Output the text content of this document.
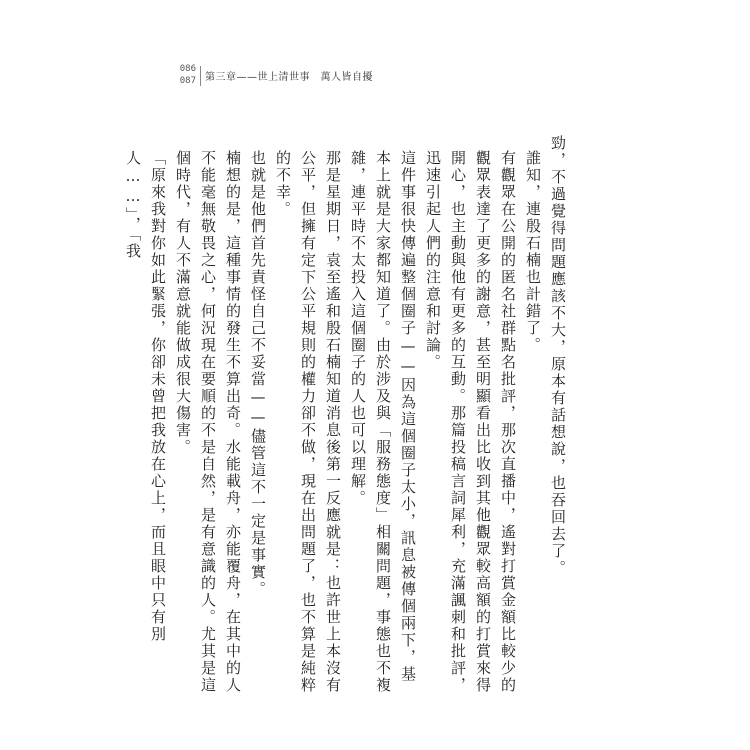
086
087 第三章——世上清世事　萬人皆自擾

勁，不過覺得問題應該不大，原本有話想說，也吞回去了。

誰知，連殷石楠也計錯了。

有觀眾在公開的匿名社群點名批評，那次直播中，遙對打賞金額比較少的觀眾表達了更多的謝意，甚至明顯看出比收到其他觀眾較高額的打賞來得開心，也主動與他有更多的互動。那篇投稿言詞犀利，充滿諷刺和批評，迅速引起人們的注意和討論。

這件事很快傳遍整個圈子——因為這個圈子太小，訊息被傳個兩下，基本上就是大家都知道了。由於涉及與「服務態度」相關問題，事態也不複雜，連平時不太投入這個圈子的人也可以理解。

那是星期日，袁至遙和殷石楠知道消息後第一反應就是：也許世上本沒有公平，但擁有定下公平規則的權力卻不做，現在出問題了，也不算是純粹的不幸。

也就是他們首先責怪自己不妥當——儘管這不一定是事實。

楠想的是，這種事情的發生不算出奇。水能載舟，亦能覆舟，在其中的人不能毫無敬畏之心，何況現在要順的不是自然，是有意識的人。尤其是這個時代，有人不滿意就能做成很大傷害。

「原來我對你如此緊張，你卻未曾把我放在心上，而且眼中只有別人……」，「我
